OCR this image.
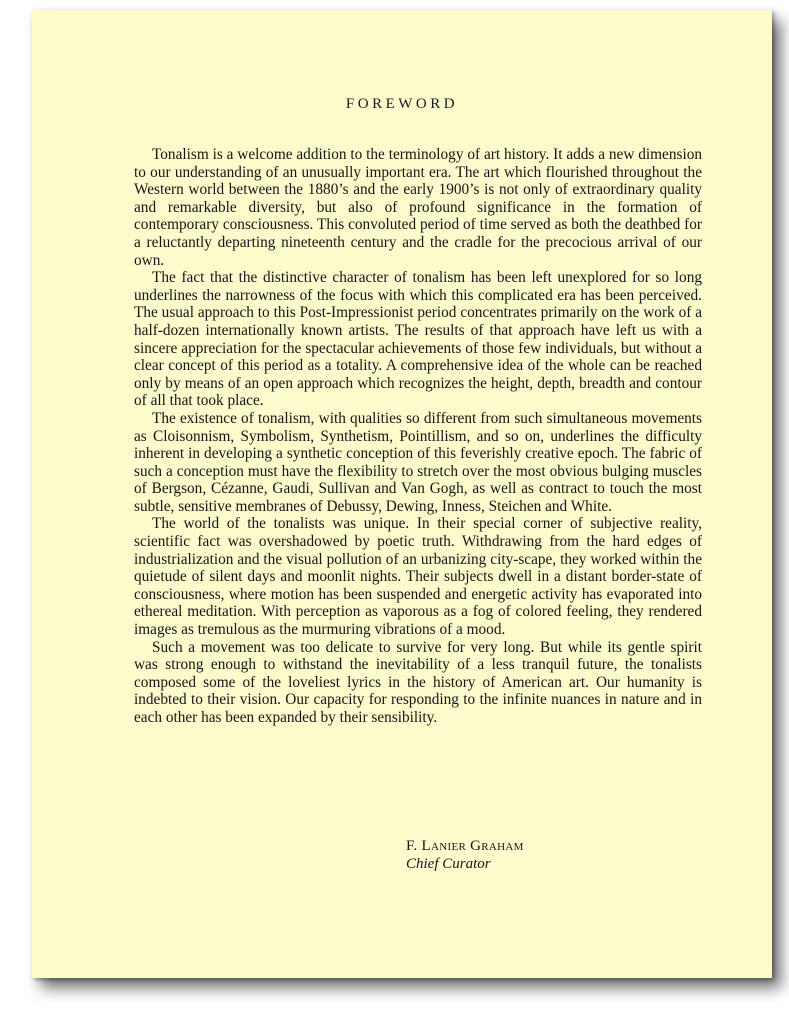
FOREWORD

Tonalism is a welcome addition to the terminology of art history. It adds a new dimension to our understanding of an unusually important era. The art which flourished throughout the Western world between the 1880’s and the early 1900’s is not only of extraordinary quality and remarkable diversity, but also of profound significance in the formation of contemporary consciousness. This convoluted period of time served as both the deathbed for a reluctantly departing nineteenth century and the cradle for the precocious arrival of our own.

The fact that the distinctive character of tonalism has been left unexplored for so long underlines the narrowness of the focus with which this complicated era has been perceived. The usual approach to this Post-Impressionist period concentrates primarily on the work of a half-dozen internationally known artists. The results of that approach have left us with a sincere appreciation for the spectacular achievements of those few individuals, but without a clear concept of this period as a totality. A comprehensive idea of the whole can be reached only by means of an open approach which recognizes the height, depth, breadth and contour of all that took place.

The existence of tonalism, with qualities so different from such simultaneous movements as Cloisonnism, Symbolism, Synthetism, Pointillism, and so on, underlines the difficulty inherent in developing a synthetic conception of this feverishly creative epoch. The fabric of such a conception must have the flexibility to stretch over the most obvious bulging muscles of Bergson, Cézanne, Gaudi, Sullivan and Van Gogh, as well as contract to touch the most subtle, sensitive membranes of Debussy, Dewing, Inness, Steichen and White.

The world of the tonalists was unique. In their special corner of subjective reality, scientific fact was overshadowed by poetic truth. Withdrawing from the hard edges of industrialization and the visual pollution of an urbanizing city-scape, they worked within the quietude of silent days and moonlit nights. Their subjects dwell in a distant border-state of consciousness, where motion has been suspended and energetic activity has evaporated into ethereal meditation. With perception as vaporous as a fog of colored feeling, they rendered images as tremulous as the murmuring vibrations of a mood.

Such a movement was too delicate to survive for very long. But while its gentle spirit was strong enough to withstand the inevitability of a less tranquil future, the tonalists composed some of the loveliest lyrics in the history of American art. Our humanity is indebted to their vision. Our capacity for responding to the infinite nuances in nature and in each other has been expanded by their sensibility.

F. Lanier Graham
Chief Curator
